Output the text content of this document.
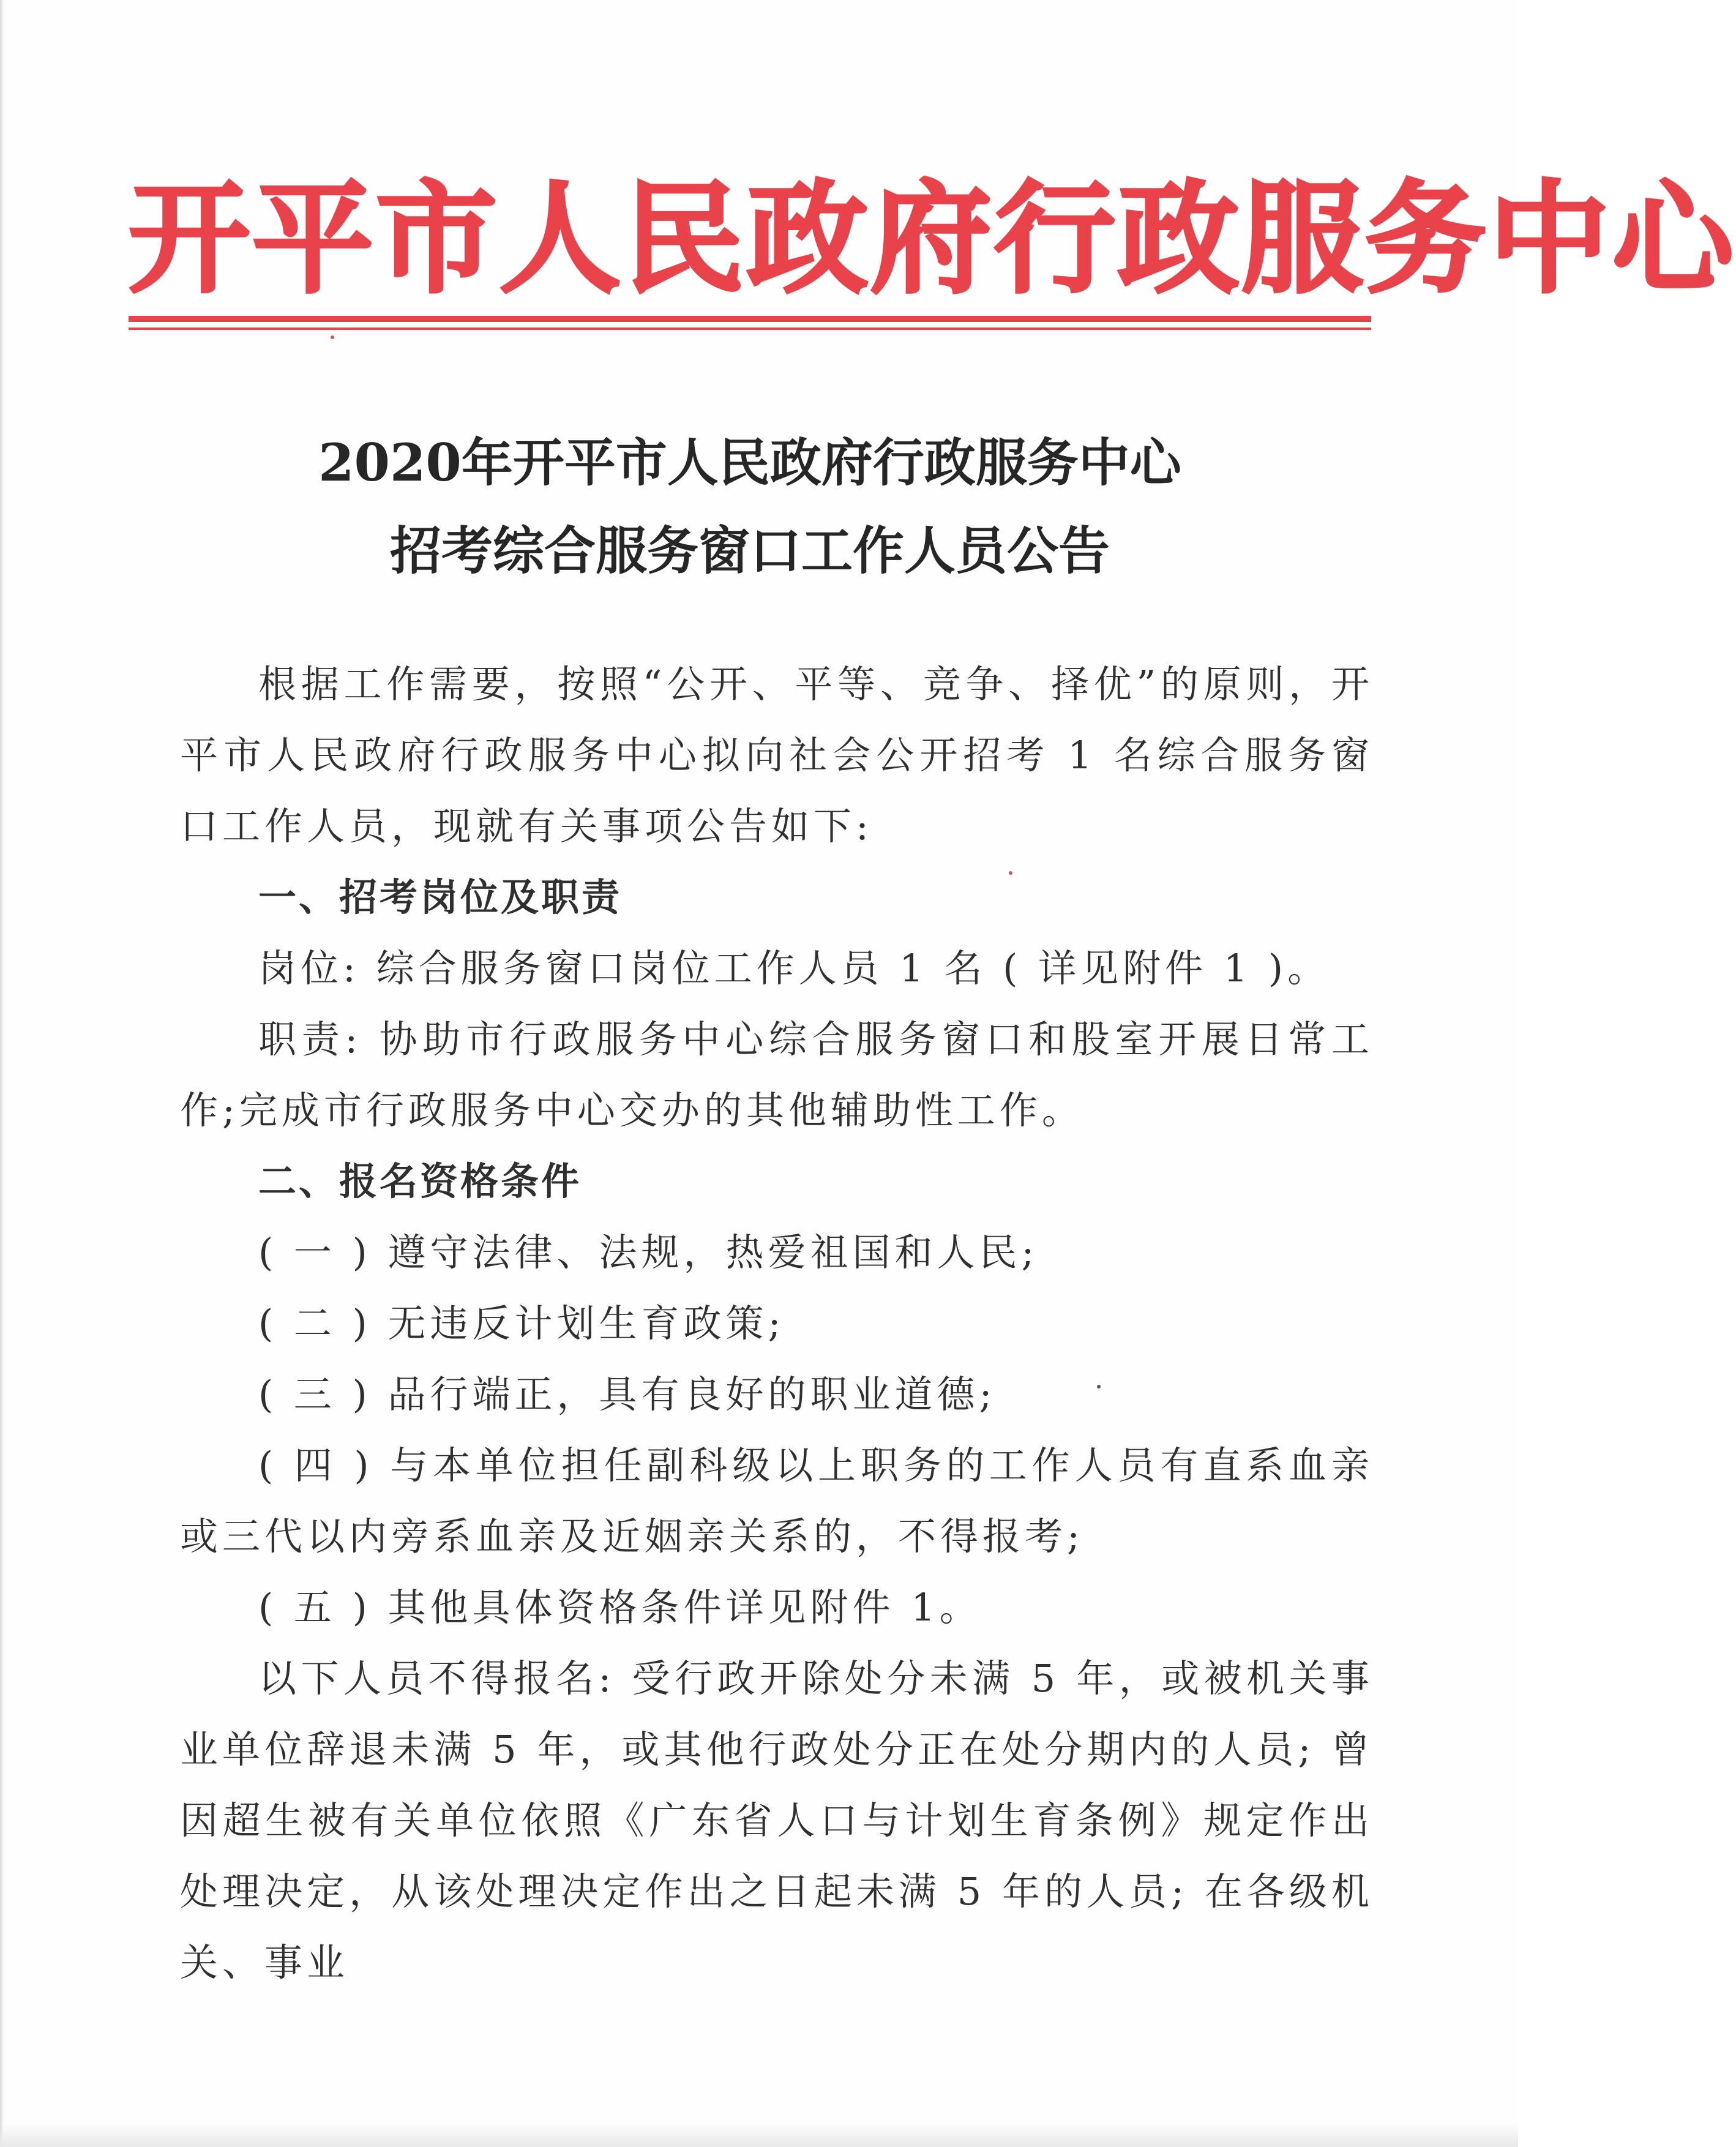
开平市人民政府行政服务中心
2020年开平市人民政府行政服务中心
招考综合服务窗口工作人员公告

根据工作需要，按照“公开、平等、竞争、择优”的原则，开平市人民政府行政服务中心拟向社会公开招考 1 名综合服务窗口工作人员，现就有关事项公告如下:

一、招考岗位及职责

岗位: 综合服务窗口岗位工作人员 1 名 ( 详见附件 1 )。

职责: 协助市行政服务中心综合服务窗口和股室开展日常工作;完成市行政服务中心交办的其他辅助性工作。

二、报名资格条件

( 一 ) 遵守法律、法规，热爱祖国和人民;

( 二 ) 无违反计划生育政策;

( 三 ) 品行端正，具有良好的职业道德;

( 四 ) 与本单位担任副科级以上职务的工作人员有直系血亲或三代以内旁系血亲及近姻亲关系的，不得报考;

( 五 ) 其他具体资格条件详见附件 1。

以下人员不得报名: 受行政开除处分未满 5 年，或被机关事业单位辞退未满 5 年，或其他行政处分正在处分期内的人员; 曾因超生被有关单位依照《广东省人口与计划生育条例》规定作出处理决定，从该处理决定作出之日起未满 5 年的人员; 在各级机关、事业
